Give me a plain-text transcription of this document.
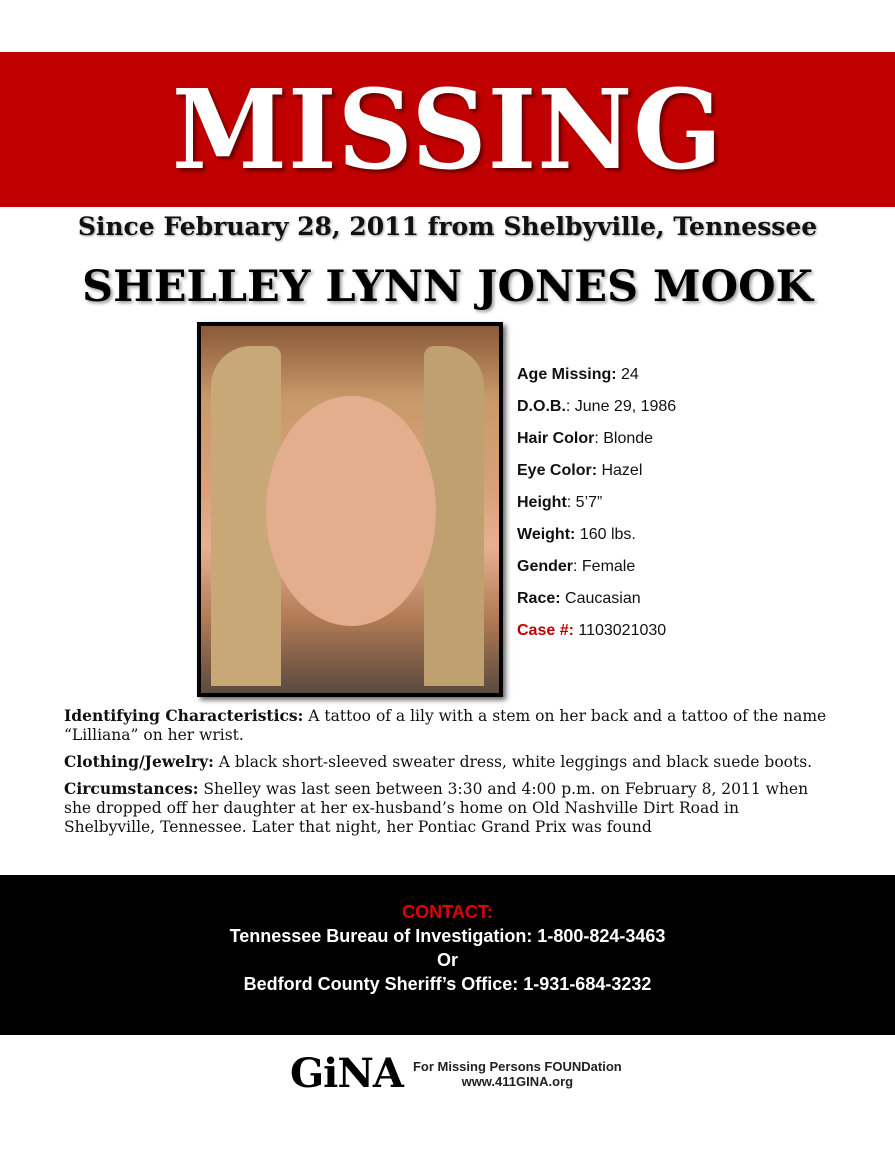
MISSING
Since February 28, 2011 from Shelbyville, Tennessee
SHELLEY LYNN JONES MOOK
Age Missing: 24
D.O.B.: June 29, 1986
Hair Color: Blonde
Eye Color: Hazel
Height: 5’7”
Weight: 160 lbs.
Gender: Female
Race: Caucasian
Case #: 1103021030

Identifying Characteristics: A tattoo of a lily with a stem on her back and a tattoo of the name “Lilliana” on her wrist.

Clothing/Jewelry: A black short-sleeved sweater dress, white leggings and black suede boots.

Circumstances: Shelley was last seen between 3:30 and 4:00 p.m. on February 8, 2011 when she dropped off her daughter at her ex-husband’s home on Old Nashville Dirt Road in Shelbyville, Tennessee. Later that night, her Pontiac Grand Prix was found

CONTACT:
Tennessee Bureau of Investigation: 1-800-824-3463
Or
Bedford County Sheriff’s Office: 1-931-684-3232
GiNA For Missing Persons FOUNDation
www.411GINA.org
